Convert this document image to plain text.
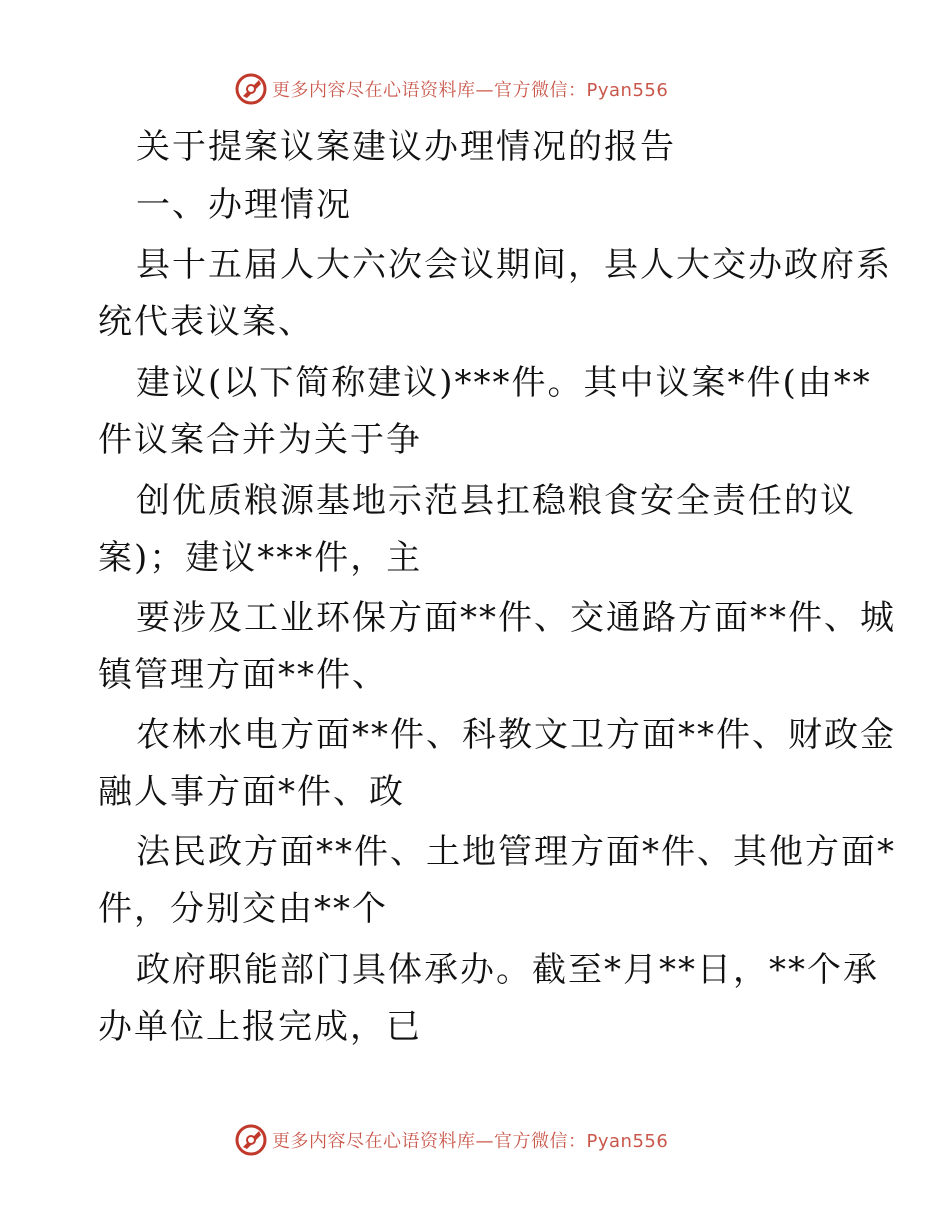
更多内容尽在心语资料库—官方微信：Pyan556
关于提案议案建议办理情况的报告
一、办理情况
县十五届人大六次会议期间，县人大交办政府系
统代表议案、
建议(以下简称建议)***件。其中议案*件(由**
件议案合并为关于争
创优质粮源基地示范县扛稳粮食安全责任的议
案)；建议***件，主
要涉及工业环保方面**件、交通路方面**件、城
镇管理方面**件、
农林水电方面**件、科教文卫方面**件、财政金
融人事方面*件、政
法民政方面**件、土地管理方面*件、其他方面*
件，分别交由**个
政府职能部门具体承办。截至*月**日，**个承
办单位上报完成，已
更多内容尽在心语资料库—官方微信：Pyan556
